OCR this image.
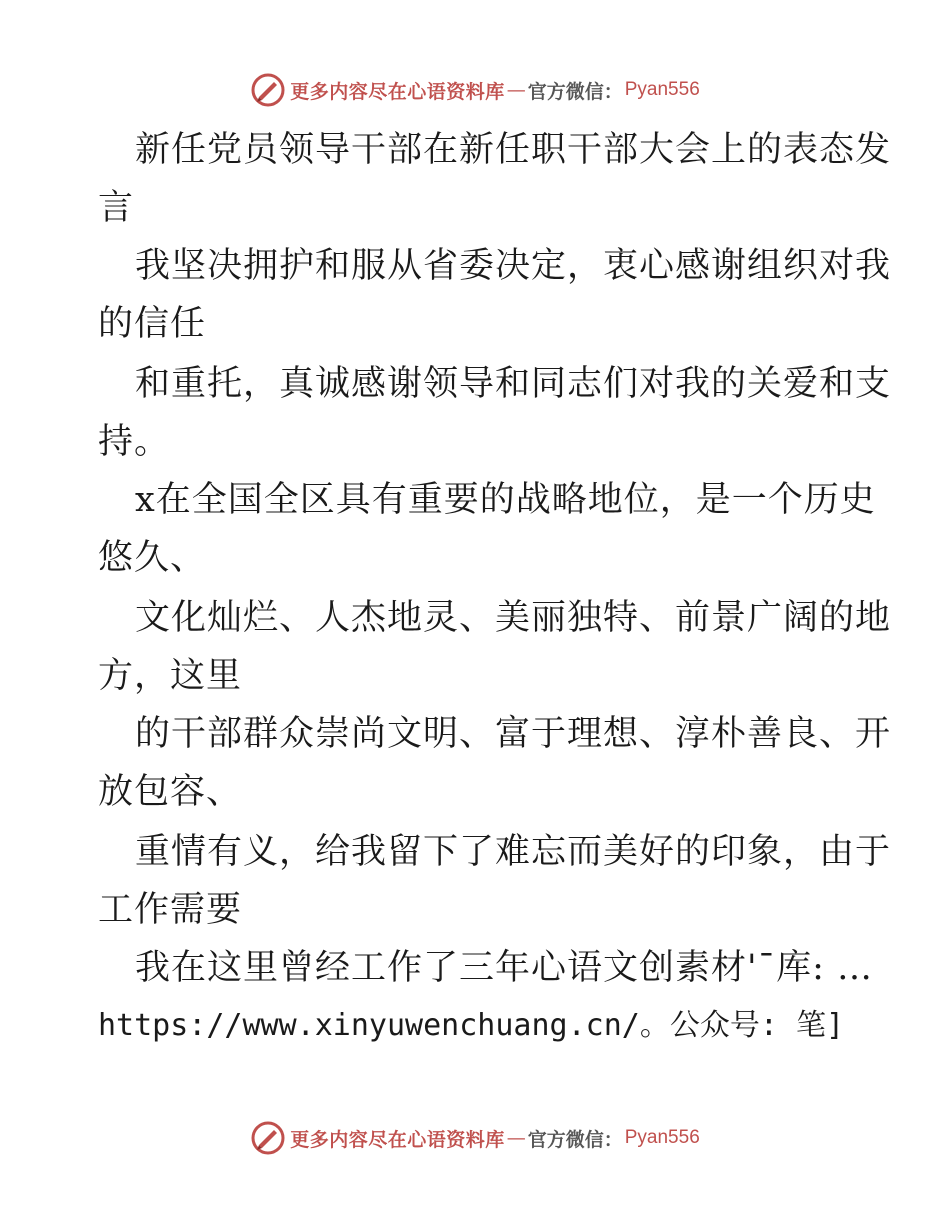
更多内容尽在心语资料库 — 官方微信： Pyan556
新任党员领导干部在新任职干部大会上的表态发
言
我坚决拥护和服从省委决定，衷心感谢组织对我
的信任
和重托，真诚感谢领导和同志们对我的关爱和支
持。
x在全国全区具有重要的战略地位，是一个历史
悠久、
文化灿烂、人杰地灵、美丽独特、前景广阔的地
方，这里
的干部群众崇尚文明、富于理想、淳朴善良、开
放包容、
重情有义，给我留下了难忘而美好的印象，由于
工作需要
我在这里曾经工作了三年心语文创素材'¯库: …
https://www.xinyuwenchuang.cn/。公众号: 笔]
更多内容尽在心语资料库 — 官方微信： Pyan556
